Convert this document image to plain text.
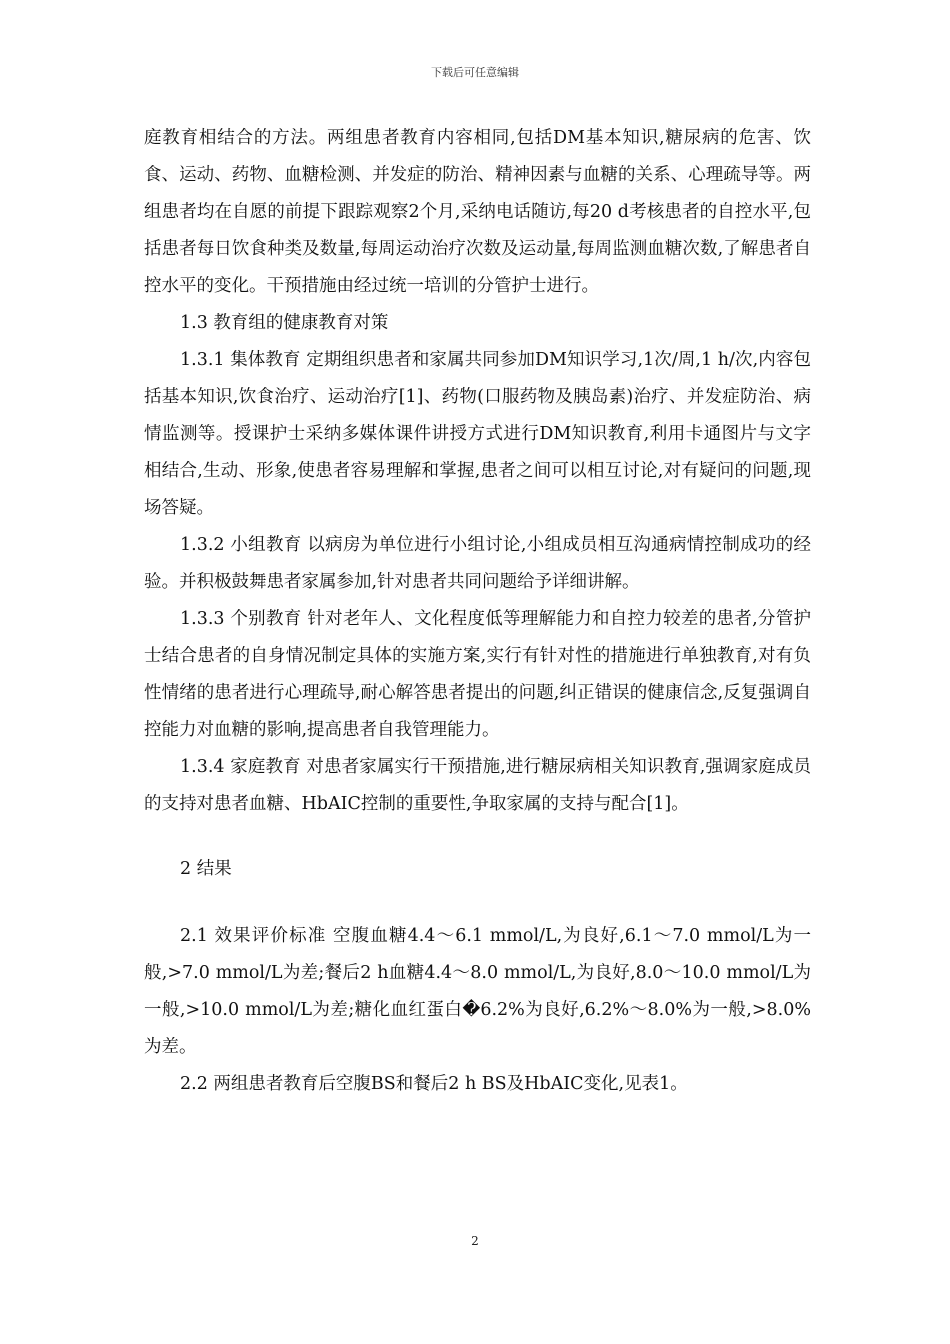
下载后可任意编辑

庭教育相结合的方法。两组患者教育内容相同,包括DM基本知识,糖尿病的危害、饮食、运动、药物、血糖检测、并发症的防治、精神因素与血糖的关系、心理疏导等。两组患者均在自愿的前提下跟踪观察2个月,采纳电话随访,每20 d考核患者的自控水平,包括患者每日饮食种类及数量,每周运动治疗次数及运动量,每周监测血糖次数,了解患者自控水平的变化。干预措施由经过统一培训的分管护士进行。

1.3 教育组的健康教育对策

1.3.1 集体教育 定期组织患者和家属共同参加DM知识学习,1次/周,1 h/次,内容包括基本知识,饮食治疗、运动治疗[1]、药物(口服药物及胰岛素)治疗、并发症防治、病情监测等。授课护士采纳多媒体课件讲授方式进行DM知识教育,利用卡通图片与文字相结合,生动、形象,使患者容易理解和掌握,患者之间可以相互讨论,对有疑问的问题,现场答疑。

1.3.2 小组教育 以病房为单位进行小组讨论,小组成员相互沟通病情控制成功的经验。并积极鼓舞患者家属参加,针对患者共同问题给予详细讲解。

1.3.3 个别教育 针对老年人、文化程度低等理解能力和自控力较差的患者,分管护士结合患者的自身情况制定具体的实施方案,实行有针对性的措施进行单独教育,对有负性情绪的患者进行心理疏导,耐心解答患者提出的问题,纠正错误的健康信念,反复强调自控能力对血糖的影响,提高患者自我管理能力。

1.3.4 家庭教育 对患者家属实行干预措施,进行糖尿病相关知识教育,强调家庭成员的支持对患者血糖、HbAIC控制的重要性,争取家属的支持与配合[1]。

2 结果

2.1 效果评价标准 空腹血糖4.4～6.1 mmol/L,为良好,6.1～7.0 mmol/L为一般,>7.0 mmol/L为差;餐后2 h血糖4.4～8.0 mmol/L,为良好,8.0～10.0 mmol/L为一般,>10.0 mmol/L为差;糖化血红蛋白�6.2%为良好,6.2%～8.0%为一般,>8.0%为差。

2.2 两组患者教育后空腹BS和餐后2 h BS及HbAIC变化,见表1。

2
